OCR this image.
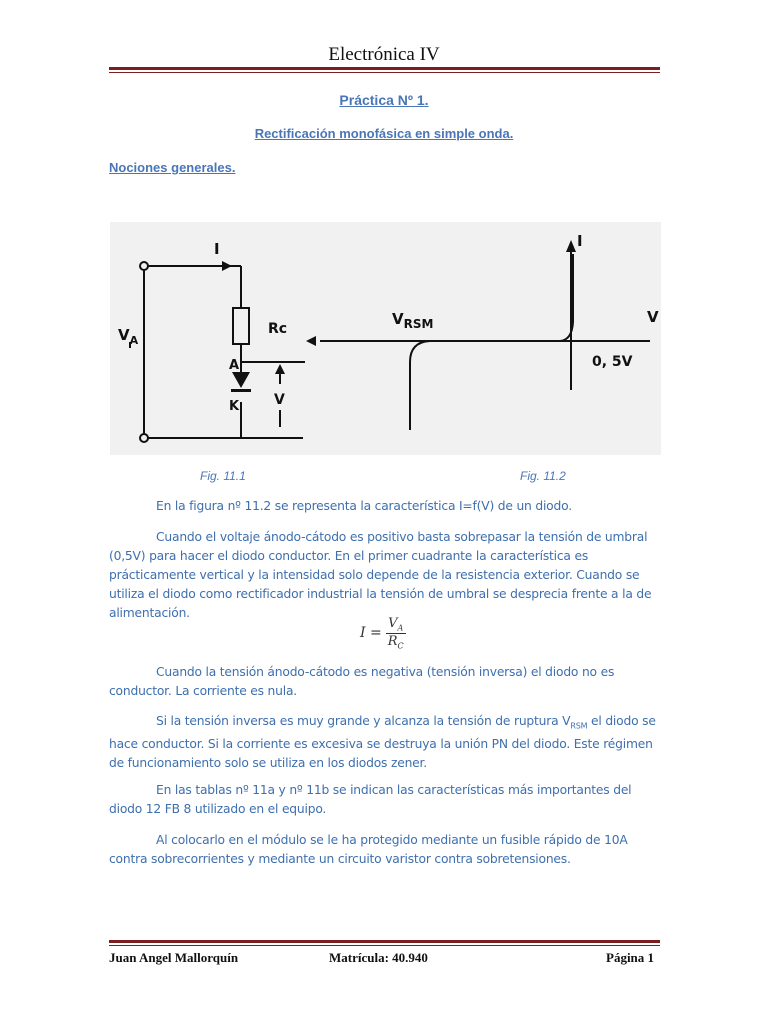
Electrónica IV
Práctica Nº 1.
Rectificación monofásica en simple onda.
Nociones generales.
I
$V_A$
Rc
A
K V
I
V
$V_{RSM}$
0, 5V
Fig. 11.1	Fig. 11.2
En la figura nº 11.2 se representa la característica I=f(V) de un diodo.
Cuando el voltaje ánodo-cátodo es positivo basta sobrepasar la tensión de umbral (0,5V) para hacer el diodo conductor. En el primer cuadrante la característica es prácticamente vertical y la intensidad solo depende de la resistencia exterior. Cuando se utiliza el diodo como rectificador industrial la tensión de umbral se desprecia frente a la de alimentación.
$I = \frac{V_A}{R_C}$
Cuando la tensión ánodo-cátodo es negativa (tensión inversa) el diodo no es conductor. La corriente es nula.
Si la tensión inversa es muy grande y alcanza la tensión de ruptura $V_{RSM}$ el diodo se hace conductor. Si la corriente es excesiva se destruya la unión PN del diodo. Este régimen de funcionamiento solo se utiliza en los diodos zener.
En las tablas nº 11a y nº 11b se indican las características más importantes del diodo 12 FB 8 utilizado en el equipo.
Al colocarlo en el módulo se le ha protegido mediante un fusible rápido de 10A contra sobrecorrientes y mediante un circuito varistor contra sobretensiones.
Juan Angel Mallorquín	Matrícula: 40.940	Página 1
